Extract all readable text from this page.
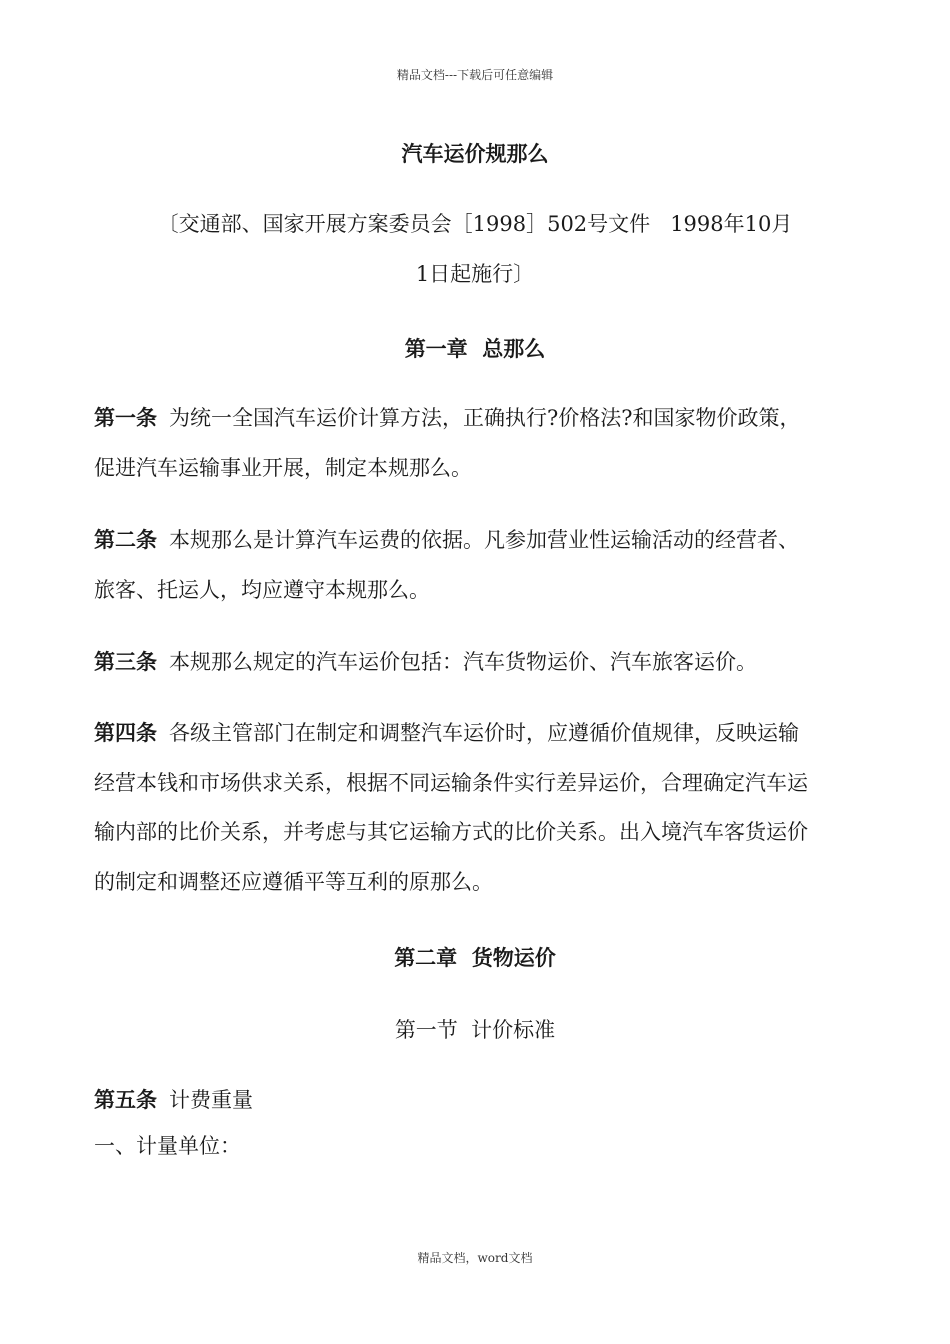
精品文档---下载后可任意编辑
汽车运价规那么
〔交通部、国家开展方案委员会［1998］502号文件   1998年10月
1日起施行〕
第一章  总那么

第一条 为统一全国汽车运价计算方法，正确执行?价格法?和国家物价政策，
促进汽车运输事业开展，制定本规那么。

第二条 本规那么是计算汽车运费的依据。凡参加营业性运输活动的经营者、
旅客、托运人，均应遵守本规那么。

第三条 本规那么规定的汽车运价包括：汽车货物运价、汽车旅客运价。

第四条 各级主管部门在制定和调整汽车运价时，应遵循价值规律，反映运输
经营本钱和市场供求关系，根据不同运输条件实行差异运价，合理确定汽车运
输内部的比价关系，并考虑与其它运输方式的比价关系。出入境汽车客货运价
的制定和调整还应遵循平等互利的原那么。

第二章  货物运价
第一节  计价标准

第五条 计费重量

一、计量单位：
精品文档，word文档
